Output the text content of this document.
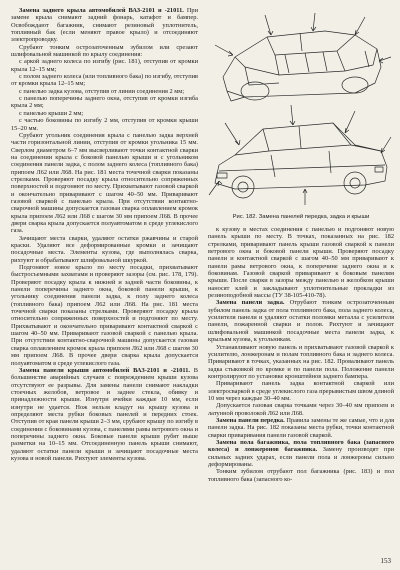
Замена заднего крыла автомобилей ВАЗ-2101 и -21011. При замене крыла снимают задний фонарь, катафот и бампер. Освобождают багажник, снимают резиновый уплотнитель, топливный бак (если меняют правое крыло) и отсоединяют электропроводку.

Срубают тонким острозаточенным зубилом или срезают шлифовальной машинкой по крылу соединения:

с аркой заднего колеса по изгибу (рис. 181), отступив от кромки крыла 12–15 мм;

с полом заднего колеса (или топливного бака) по изгибу, отступив от кромки крыла 12–15 мм;

с панелью задка кузова, отступив от линии соединения 2 мм;

с панелью поперечины заднего окна, отступив от кромки изгиба крыла 2 мм;

с панелью крыши 2 мм;

с частью боковины по изгибу 2 мм, отступив от кромки крыши 15–20 мм.

Срубают угольник соединения крыла с панелью задка верхней части горизонтальной линии, отступив от кромки угольника 15 мм. Сверлом диаметром 6–7 мм высверливают точки контактной сварки на соединении крыла с боковой панелью крыши и с угольником соединения панели задка, с полом заднего колеса (топливного бака) припоем Л62 или Л68. На рис. 181 места точечной сварки показаны стрелками. Проверяют посадку крыла относительно сопряженных поверхностей и подгоняют по месту. Прихватывают газовой сваркой и окончательно приваривают с шагом 40–50 мм. Приваривают газовой сваркой с панелью крыла. При отсутствии контактно-сварочной машины допускается газовая сварка оплавлением кромок крыла припоем Л62 или Л68 с шагом 30 мм припоем Л68. В прочее двери сварка крыла допускается полуавтоматом в среде углекислого газа.

Зачищают места сварки, удаляют остатки ржавчины и старой краски. Удаляют все деформированные кромки и зачищают посадочные места. Элементы кузова, где выполнялась сварка, рихтуют и обрабатывают шлифовальной шкуркой.

Подгоняют новое крыло по месту посадки, прихватывают быстросъемными захватами и проверяют зазоры (см. рис. 178, 179). Проверяют посадку крыла к нижней и задней части боковины, к панели поперечины заднего окна, боковой панели крыши, к угольнику соединения панели задка, к полу заднего колеса (топливного бака) припоем Л62 или Л68. На рис. 181 места точечной сварки показаны стрелками. Проверяют посадку крыла относительно сопряженных поверхностей и подгоняют по месту. Прихватывают и окончательно приваривают контактной сваркой с шагом 40–50 мм. Приваривают газовой сваркой с панелью крыла. При отсутствии контактно-сварочной машины допускается газовая сварка оплавлением кромок крыла припоем Л62 или Л68 с шагом 30 мм припоем Л68. В прочее двери сварка крыла допускается полуавтоматом в среде углекислого газа.

Замена панели крыши автомобилей ВАЗ-2101 и -21011. В большинстве аварийных случаев с повреждением крыши кузова отсутствуют ее разрывы. Для замены панели снимают накладки стоечных желобов, ветровое и заднее стекла, обивку и принадлежности крыши. Изнутри ячейки каждые 10 мм, если изнутри не удается. Нож нельзя кладут на крышу кузова и определяют места рубки боковых панелей и передних стоек. Отступив от края панели крыши 2–3 мм, срубают крышу по изгибу в соединении с боковинами кузова, с панелями рамы ветрового окна и поперечины заднего окна. Боковые панели крыши рубят выше разметки на 10–15 мм. Отсоединенную панель крыши снимают, удаляют остатки панели крыши и зачищают посадочные места кузова и новой панели. Рихтуют элементы кузова.

Рис. 182. Замена панелей передка, задка и крыши

к кузову в местах соединения с панелью и подгоняют новую панель крыши по месту. В точках, показанных на рис. 182 стрелками, приваривают панель крыши газовой сваркой к панели ветрового окна и боковой панели крыши. Проверяют посадку панели и контактной сваркой с шагом 40–50 мм приваривают к панели рамы ветрового окна, к поперечине заднего окна и к боковинам. Газовой сваркой приваривают к боковым панелям крыши. После сварки в зазоры между панелью и желобком крыши наносят клей и закладывают уплотнительные прокладки из резиноподобной массы (ТУ 38-105-410-78).

Замена панели задка. Отрубают тонким острозаточенным зубилом панель задка от пола топливного бака, пола заднего колеса, усилителя панели и удаляют остатки поломки металла с усилителя панели, пожаренной сварки и полов. Рихтуют и зачищают шлифовальной машинкой посадочные места панели задка, к крыльям кузова, к угольникам.

Устанавливают новую панель и прихватывают газовой сваркой к усилителю, лонжеронам и полам топливного бака и заднего колеса. Приваривают в точках, указанных на рис. 182. Проваливают панель задка стыковкой по кромке и по панели пола. Положение панели контролируют по установке кронштейнов заднего бампера.

Приваривают панель задка контактной сваркой или электросваркой в среде углекислого газа прерывистым швом длиной 10 мм через каждые 30–40 мм.

Допускается газовая сварка точками через 30–40 мм припоем и латунной проволокой Л62 или Л68.

Замена панели передка. Правила замены те же самые, что и для панели задка. На рис. 182 показаны места рубки, точки контактной сварки приваривания панели газовой сваркой.

Замена пола багажника, пола топливного бака (запасного колеса) и лонжеронов багажника. Замену производят при сильных задних ударах, если панели пола и лонжероны сильно деформированы.

Тонким зубилом отрубают пол багажника (рис. 183) и пол топливного бака (запасного ко-

153
